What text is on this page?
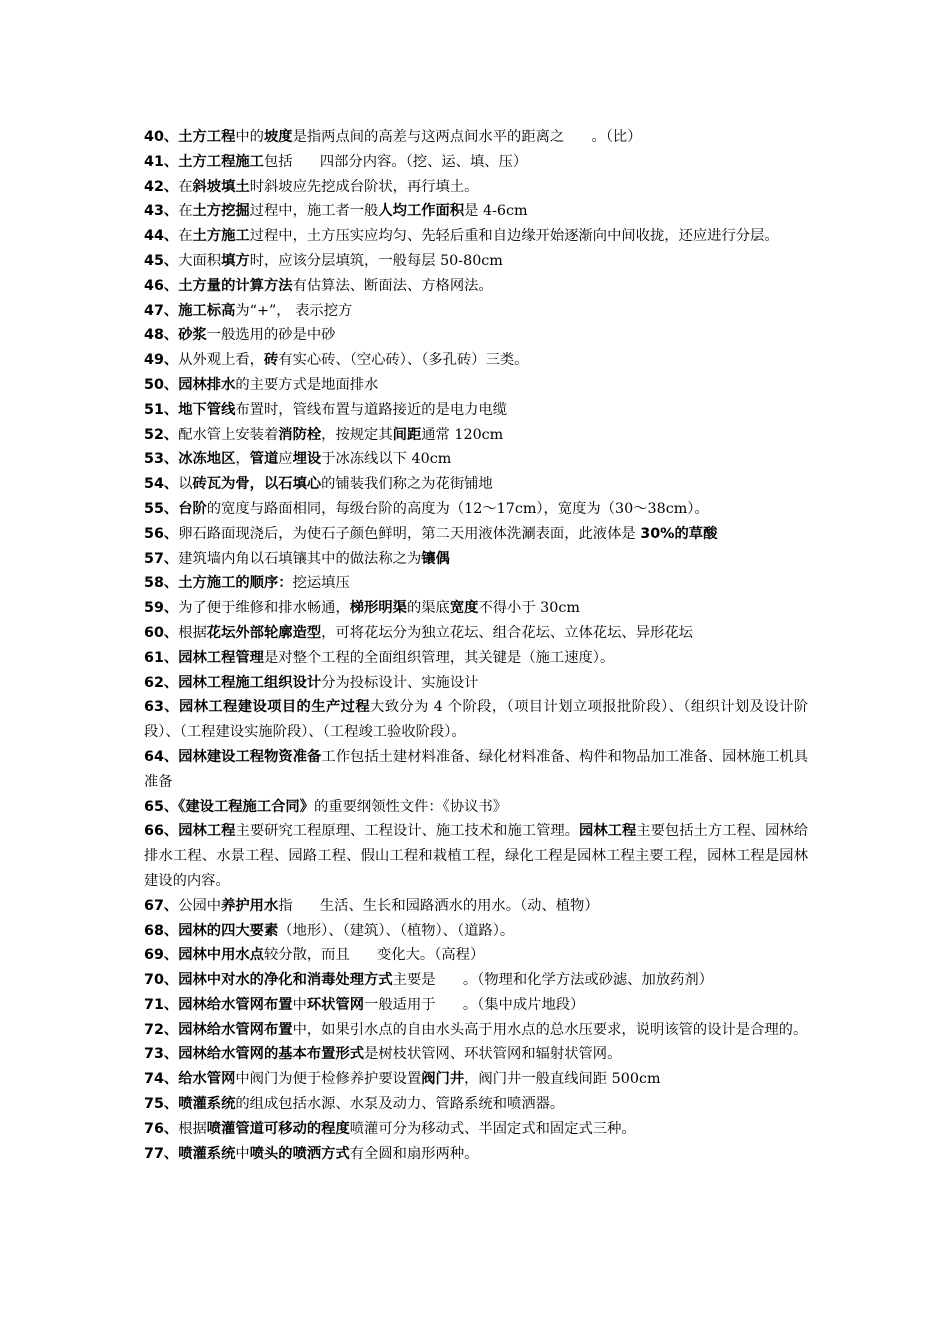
40、土方工程中的坡度是指两点间的高差与这两点间水平的距离之      。（比）

41、土方工程施工包括      四部分内容。（挖、运、填、压）

42、在斜坡填土时斜坡应先挖成台阶状，再行填土。

43、在土方挖掘过程中，施工者一般人均工作面积是 4-6cm

44、在土方施工过程中，土方压实应均匀、先轻后重和自边缘开始逐渐向中间收拢，还应进行分层。

45、大面积填方时，应该分层填筑，一般每层 50-80cm

46、土方量的计算方法有估算法、断面法、方格网法。

47、施工标高为“+”， 表示挖方

48、砂浆一般选用的砂是中砂

49、从外观上看，砖有实心砖、（空心砖）、（多孔砖）三类。

50、园林排水的主要方式是地面排水

51、地下管线布置时，管线布置与道路接近的是电力电缆

52、配水管上安装着消防栓，按规定其间距通常 120cm

53、冰冻地区，管道应埋设于冰冻线以下 40cm

54、以砖瓦为骨，以石填心的铺装我们称之为花街铺地

55、台阶的宽度与路面相同，每级台阶的高度为（12～17cm），宽度为（30～38cm）。

56、卵石路面现浇后，为使石子颜色鲜明，第二天用液体洗涮表面，此液体是 30%的草酸

57、建筑墙内角以石填镶其中的做法称之为镶偶

58、土方施工的顺序：挖运填压

59、为了便于维修和排水畅通，梯形明渠的渠底宽度不得小于 30cm

60、根据花坛外部轮廓造型，可将花坛分为独立花坛、组合花坛、立体花坛、异形花坛

61、园林工程管理是对整个工程的全面组织管理，其关键是（施工速度）。

62、园林工程施工组织设计分为投标设计、实施设计

63、园林工程建设项目的生产过程大致分为 4 个阶段，（项目计划立项报批阶段）、（组织计划及设计阶段）、（工程建设实施阶段）、（工程竣工验收阶段）。

64、园林建设工程物资准备工作包括土建材料准备、绿化材料准备、构件和物品加工准备、园林施工机具准备

65、《建设工程施工合同》的重要纲领性文件：《协议书》

66、园林工程主要研究工程原理、工程设计、施工技术和施工管理。园林工程主要包括土方工程、园林给排水工程、水景工程、园路工程、假山工程和栽植工程，绿化工程是园林工程主要工程，园林工程是园林建设的内容。

67、公园中养护用水指      生活、生长和园路洒水的用水。（动、植物）

68、园林的四大要素（地形）、（建筑）、（植物）、（道路）。

69、园林中用水点较分散，而且      变化大。（高程）

70、园林中对水的净化和消毒处理方式主要是      。（物理和化学方法或砂滤、加放药剂）

71、园林给水管网布置中环状管网一般适用于      。（集中成片地段）

72、园林给水管网布置中，如果引水点的自由水头高于用水点的总水压要求，说明该管的设计是合理的。

73、园林给水管网的基本布置形式是树枝状管网、环状管网和辐射状管网。

74、给水管网中阀门为便于检修养护要设置阀门井，阀门井一般直线间距 500cm

75、喷灌系统的组成包括水源、水泵及动力、管路系统和喷洒器。

76、根据喷灌管道可移动的程度喷灌可分为移动式、半固定式和固定式三种。

77、喷灌系统中喷头的喷洒方式有全圆和扇形两种。
